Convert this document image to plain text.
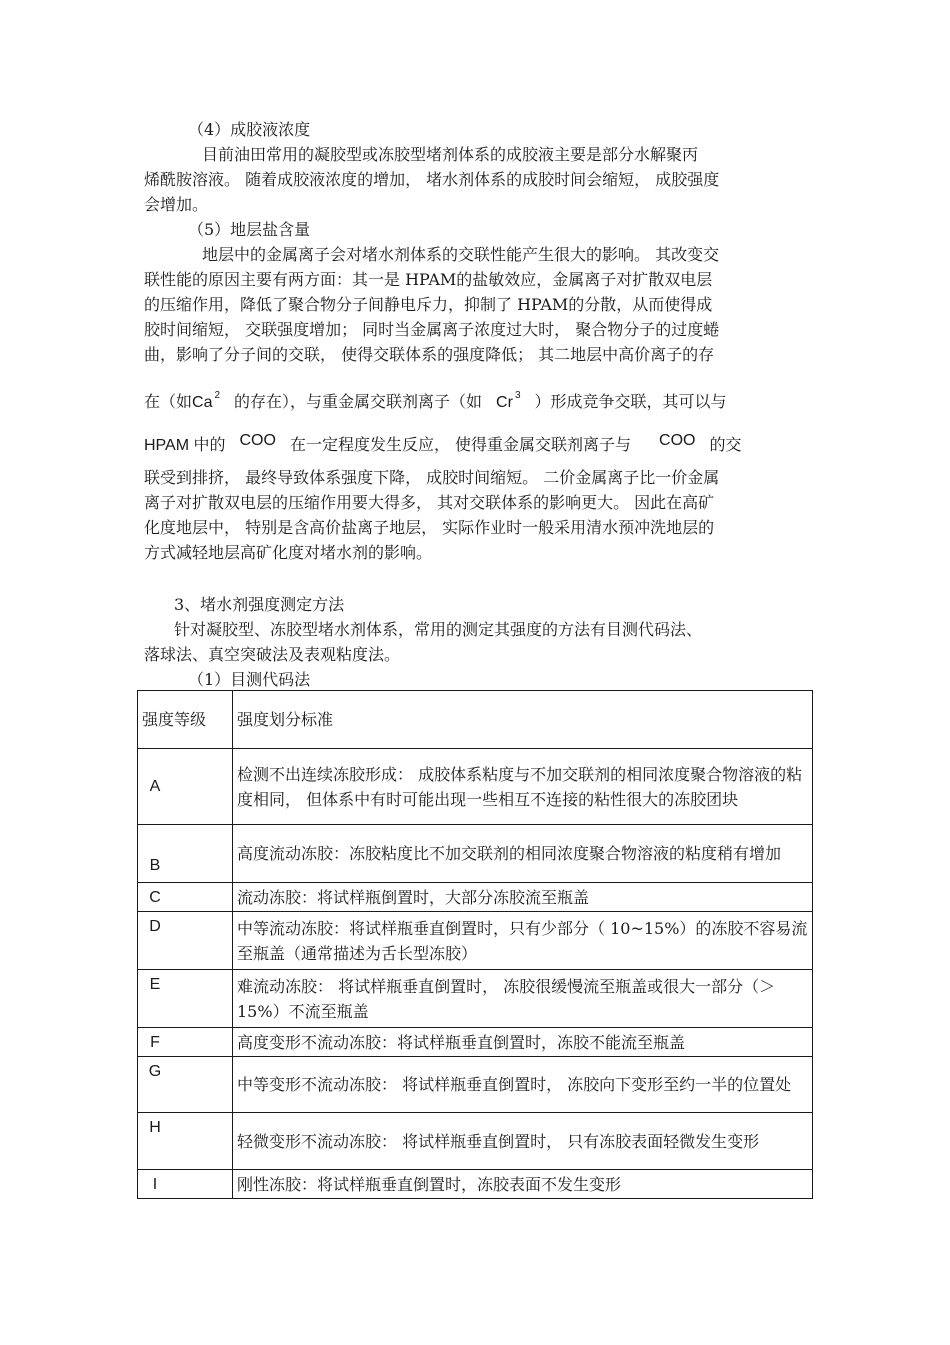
（4）成胶液浓度
目前油田常用的凝胶型或冻胶型堵剂体系的成胶液主要是部分水解聚丙
烯酰胺溶液。 随着成胶液浓度的增加， 堵水剂体系的成胶时间会缩短， 成胶强度
会增加。
（5）地层盐含量
地层中的金属离子会对堵水剂体系的交联性能产生很大的影响。 其改变交
联性能的原因主要有两方面：其一是 HPAM的盐敏效应，金属离子对扩散双电层
的压缩作用，降低了聚合物分子间静电斥力，抑制了 HPAM的分散，从而使得成
胶时间缩短， 交联强度增加； 同时当金属离子浓度过大时， 聚合物分子的过度蜷
曲，影响了分子间的交联， 使得交联体系的强度降低； 其二地层中高价离子的存
在（如Ca $^2$ 的存在），与重金属交联剂离子（如 Cr $^3$ ）形成竞争交联，其可以与
HPAM 中的 COO 在一定程度发生反应， 使得重金属交联剂离子与 COO 的交
联受到排挤， 最终导致体系强度下降， 成胶时间缩短。 二价金属离子比一价金属
离子对扩散双电层的压缩作用要大得多， 其对交联体系的影响更大。 因此在高矿
化度地层中， 特别是含高价盐离子地层， 实际作业时一般采用清水预冲洗地层的
方式减轻地层高矿化度对堵水剂的影响。
3、堵水剂强度测定方法
针对凝胶型、冻胶型堵水剂体系，常用的测定其强度的方法有目测代码法、
落球法、真空突破法及表观粘度法。
（1）目测代码法
强度等级	强度划分标准
A	检测不出连续冻胶形成： 成胶体系粘度与不加交联剂的相同浓度聚合物溶液的粘度相同， 但体系中有时可能出现一些相互不连接的粘性很大的冻胶团块
B	高度流动冻胶：冻胶粘度比不加交联剂的相同浓度聚合物溶液的粘度稍有增加
C	流动冻胶：将试样瓶倒置时，大部分冻胶流至瓶盖
D	中等流动冻胶：将试样瓶垂直倒置时，只有少部分（ 10~15%）的冻胶不容易流至瓶盖（通常描述为舌长型冻胶）
E	难流动冻胶： 将试样瓶垂直倒置时， 冻胶很缓慢流至瓶盖或很大一部分（＞15%）不流至瓶盖
F	高度变形不流动冻胶：将试样瓶垂直倒置时，冻胶不能流至瓶盖
G	中等变形不流动冻胶： 将试样瓶垂直倒置时， 冻胶向下变形至约一半的位置处
H	轻微变形不流动冻胶： 将试样瓶垂直倒置时， 只有冻胶表面轻微发生变形
I	刚性冻胶：将试样瓶垂直倒置时，冻胶表面不发生变形
